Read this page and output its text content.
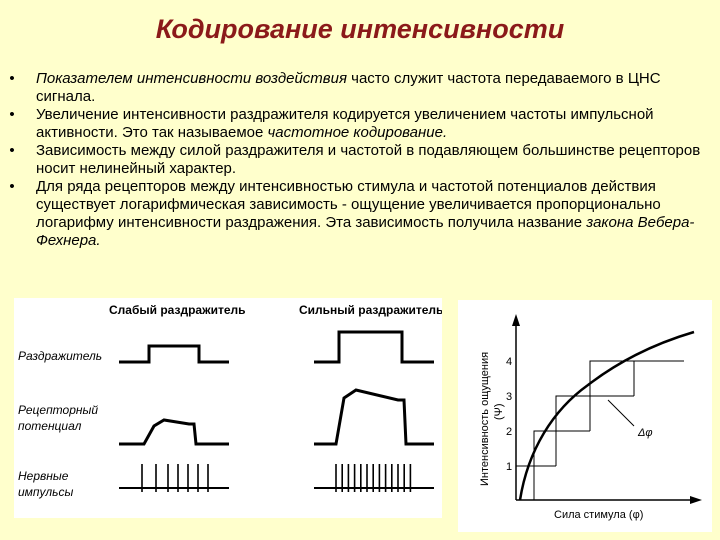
Кодирование интенсивности
• Показателем интенсивности воздействия часто служит частота передаваемого в ЦНС сигнала.
• Увеличение интенсивности раздражителя кодируется увеличением частоты импульсной активности. Это так называемое частотное кодирование.
• Зависимость между силой раздражителя и частотой в подавляющем большинстве рецепторов носит нелинейный характер.
• Для ряда рецепторов между интенсивностью стимула и частотой потенциалов действия существует логарифмическая зависимость - ощущение увеличивается пропорционально логарифму интенсивности раздражения. Эта зависимость получила название закона Вебера-Фехнера.
Слабый раздражитель	Сильный раздражитель
Раздражитель
Рецепторный
потенциал
Нервные
импульсы
Интенсивность ощущения (Ψ)
Сила стимула (φ)
1
2
3
4
Δφ
